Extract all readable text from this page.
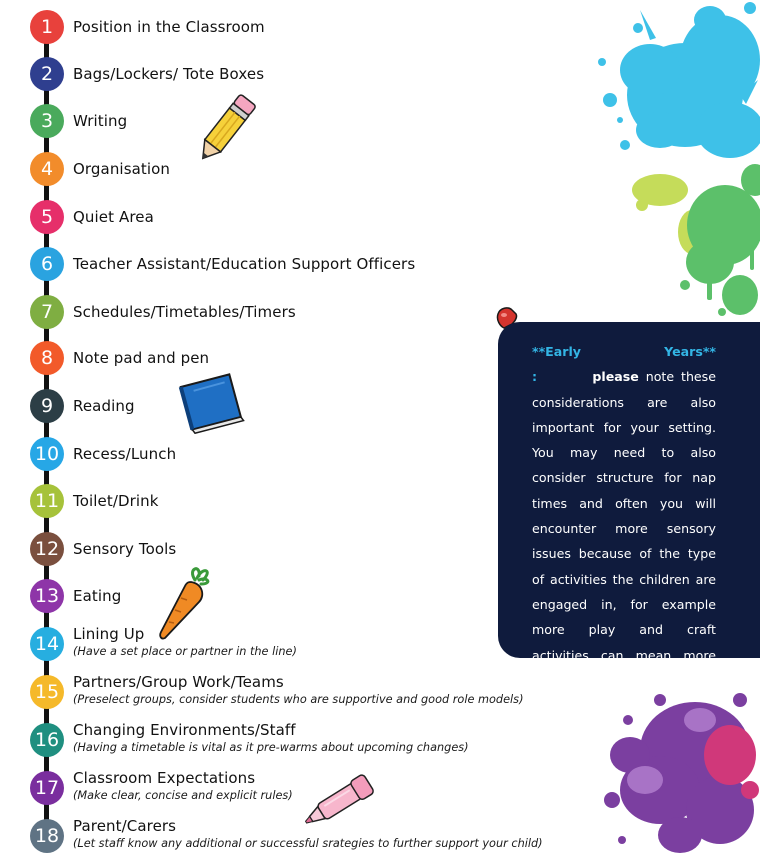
1	Position in the Classroom
2	Bags/Lockers/ Tote Boxes
3	Writing
4	Organisation
5	Quiet Area
6	Teacher Assistant/Education Support Officers
7	Schedules/Timetables/Timers
8	Note pad and pen
9	Reading
10 Recess/Lunch
11 Toilet/Drink
12 Sensory Tools
13 Eating
14 Lining Up
(Have a set place or partner in the line)
15 Partners/Group Work/Teams
(Preselect groups, consider students who are supportive and good role models)
16 Changing Environments/Staff
(Having a timetable is vital as it pre-warms about upcoming changes)
17 Classroom Expectations
(Make clear, concise and explicit rules)
18 Parent/Carers
(Let staff know any additional or successful srategies to further support your child)
**Early Years** :	please note these considerations are also important for your setting. You may need to also consider structure for nap times and often you will encounter more sensory issues because of the type of activities the children are engaged in, for example more play and craft activities can mean more sensory activities.
